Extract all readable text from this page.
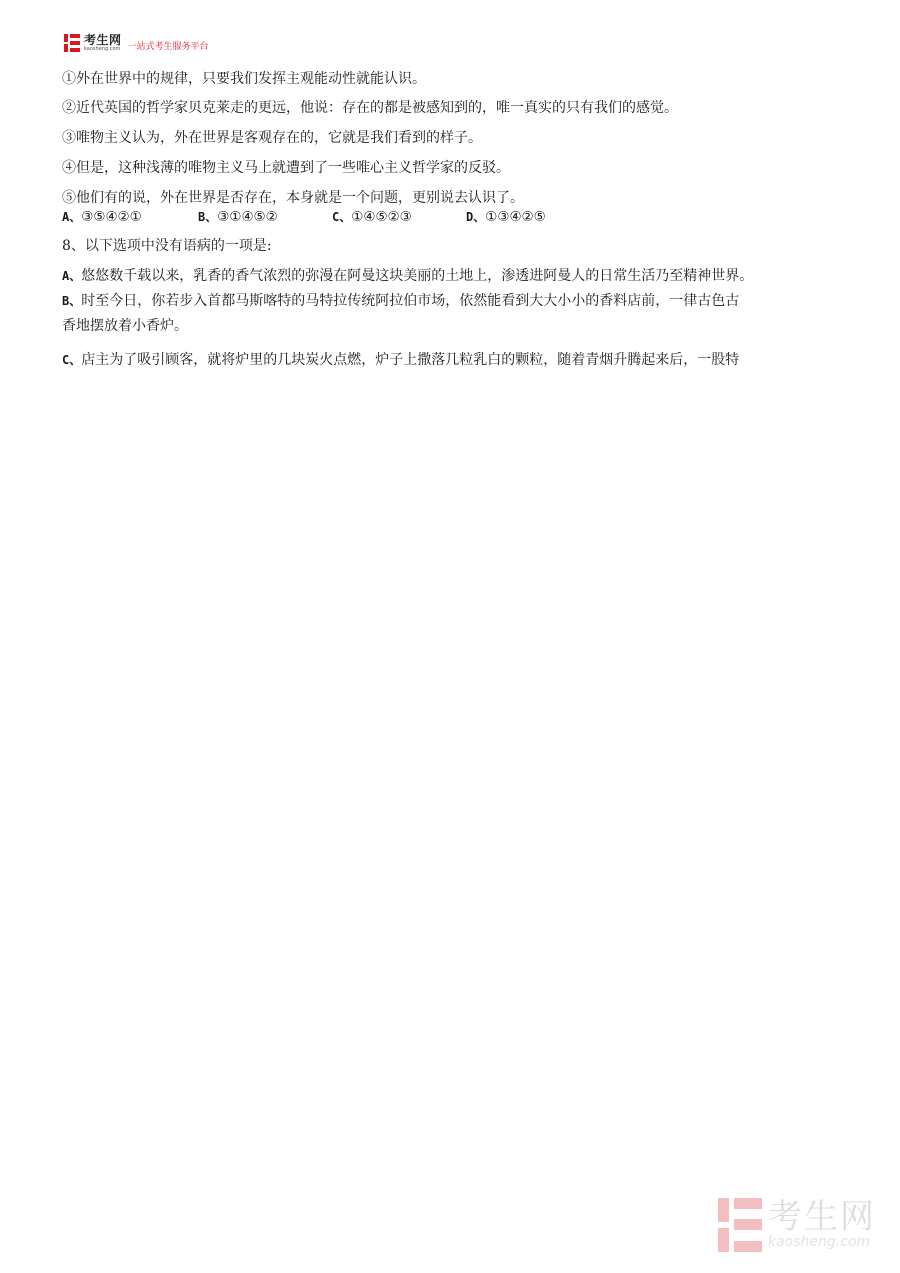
考生网
kaosheng.com 一站式考生服务平台
①外在世界中的规律，只要我们发挥主观能动性就能认识。
②近代英国的哲学家贝克莱走的更远，他说：存在的都是被感知到的，唯一真实的只有我们的感觉。
③唯物主义认为，外在世界是客观存在的，它就是我们看到的样子。
④但是，这种浅薄的唯物主义马上就遭到了一些唯心主义哲学家的反驳。
⑤他们有的说，外在世界是否存在，本身就是一个问题，更别说去认识了。
A、③⑤④②①	B、③①④⑤②	C、①④⑤②③	D、①③④②⑤
8、以下选项中没有语病的一项是:
A、悠悠数千载以来，乳香的香气浓烈的弥漫在阿曼这块美丽的土地上，渗透进阿曼人的日常生活乃至精神世界。
B、时至今日，你若步入首都马斯喀特的马特拉传统阿拉伯市场，依然能看到大大小小的香料店前，一律古色古
香地摆放着小香炉。
C、店主为了吸引顾客，就将炉里的几块炭火点燃，炉子上撒落几粒乳白的颗粒，随着青烟升腾起来后，一股特
考生网
kaosheng.com
